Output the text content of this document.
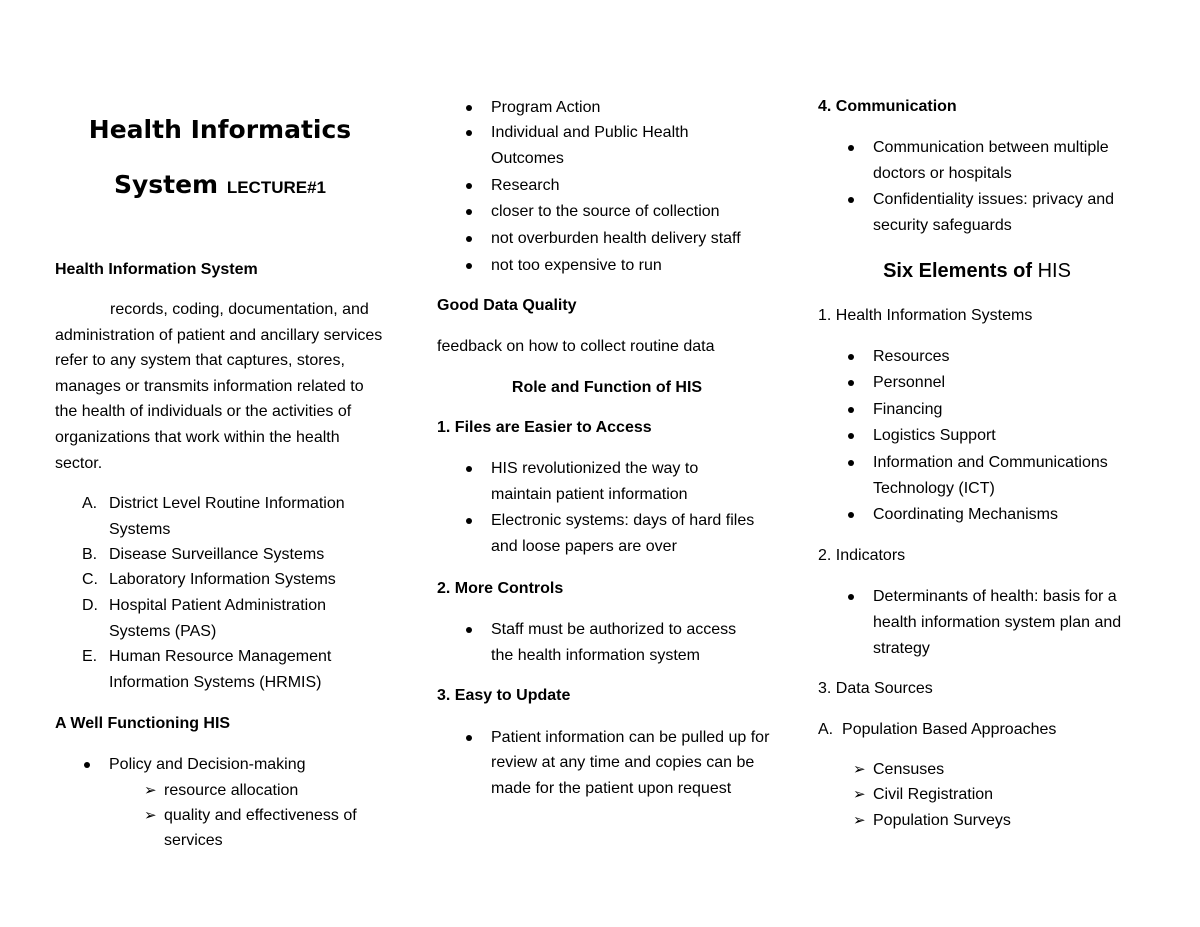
Health Informatics
System LECTURE#1
Health Information System
records, coding, documentation, and administration of patient and ancillary services refer to any system that captures, stores, manages or transmits information related to the health of individuals or the activities of organizations that work within the health sector.
A. District Level Routine Information Systems
B. Disease Surveillance Systems
C. Laboratory Information Systems
D. Hospital Patient Administration Systems (PAS)
E. Human Resource Management Information Systems (HRMIS)
A Well Functioning HIS
Policy and Decision-making
➢ resource allocation
➢ quality and effectiveness of services
Program Action
Individual and Public Health Outcomes
Research
closer to the source of collection
not overburden health delivery staff
not too expensive to run
Good Data Quality
feedback on how to collect routine data
Role and Function of HIS
1. Files are Easier to Access
HIS revolutionized the way to maintain patient information
Electronic systems: days of hard files and loose papers are over
2. More Controls
Staff must be authorized to access the health information system
3. Easy to Update
Patient information can be pulled up for review at any time and copies can be made for the patient upon request
4. Communication
Communication between multiple doctors or hospitals
Confidentiality issues: privacy and security safeguards
Six Elements of HIS
1. Health Information Systems
Resources
Personnel
Financing
Logistics Support
Information and Communications Technology (ICT)
Coordinating Mechanisms
2. Indicators
Determinants of health: basis for a health information system plan and strategy
3. Data Sources
A. Population Based Approaches
➢ Censuses
➢ Civil Registration
➢ Population Surveys
